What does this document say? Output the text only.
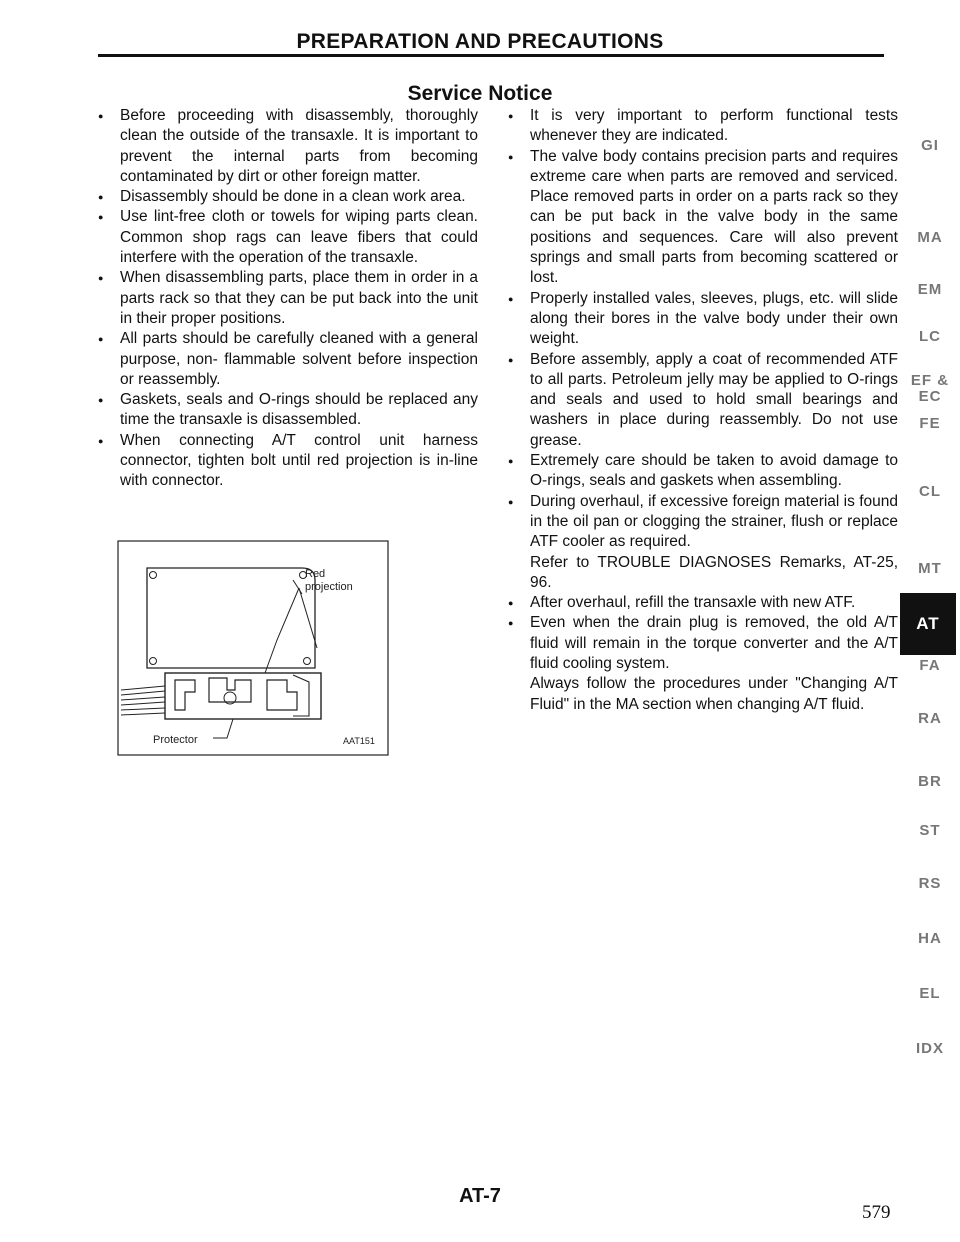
PREPARATION AND PRECAUTIONS
Service Notice
● Before proceeding with disassembly, thoroughly clean the outside of the transaxle. It is important to prevent the internal parts from becoming contaminated by dirt or other foreign matter.
● Disassembly should be done in a clean work area.
● Use lint-free cloth or towels for wiping parts clean. Common shop rags can leave fibers that could interfere with the operation of the transaxle.
● When disassembling parts, place them in order in a parts rack so that they can be put back into the unit in their proper positions.
● All parts should be carefully cleaned with a general purpose, non- flammable solvent before inspection or reassembly.
● Gaskets, seals and O-rings should be replaced any time the transaxle is disassembled.
● When connecting A/T control unit harness connector, tighten bolt until red projection is in-line with connector.
Red
projection
Protector	AAT151
● It is very important to perform functional tests whenever they are indicated.
● The valve body contains precision parts and requires extreme care when parts are removed and serviced. Place removed parts in order on a parts rack so they can be put back in the valve body in the same positions and sequences. Care will also prevent springs and small parts from becoming scattered or lost.
● Properly installed vales, sleeves, plugs, etc. will slide along their bores in the valve body under their own weight.
● Before assembly, apply a coat of recommended ATF to all parts. Petroleum jelly may be applied to O-rings and seals and used to hold small bearings and washers in place during reassembly. Do not use grease.
● Extremely care should be taken to avoid damage to O-rings, seals and gaskets when assembling.
● During overhaul, if excessive foreign material is found in the oil pan or clogging the strainer, flush or replace ATF cooler as required.
Refer to TROUBLE DIAGNOSES Remarks, AT-25, 96.
● After overhaul, refill the transaxle with new ATF.
● Even when the drain plug is removed, the old A/T fluid will remain in the torque converter and the A/T fluid cooling system.
Always follow the procedures under "Changing A/T Fluid" in the MA section when changing A/T fluid.
GI
MA
EM
LC
EF &
EC
FE
CL
MT
AT
FA
RA
BR
ST
RS
HA
EL
IDX
AT-7
579
